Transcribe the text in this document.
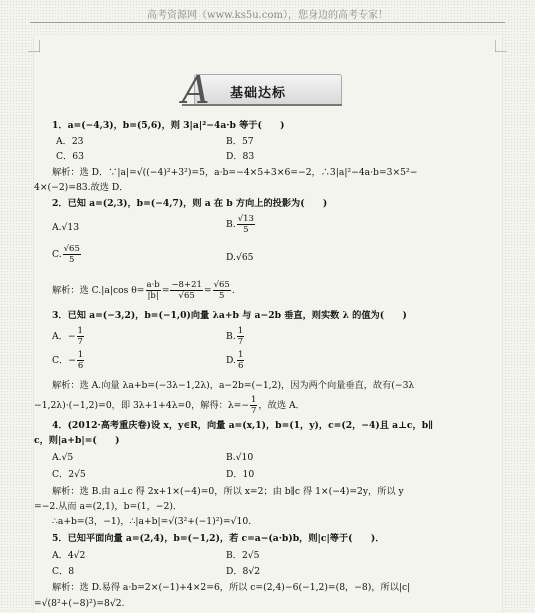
高考资源网（www.ks5u.com），您身边的高考专家！
A 基础达标
1．a=(−4,3)，b=(5,6)，则 3|a|²−4a·b 等于(　　)
A．23	B．57
C．63	D．83
解析：选 D．∵|a|=√((−4)²+3²)=5，a·b=−4×5+3×6=−2，∴3|a|²−4a·b=3×5²−
4×(−2)=83.故选 D．
2．已知 a=(2,3)，b=(−4,7)，则 a 在 b 方向上的投影为(　　)
A.√13	B. $\frac{√13}{5}$
C. $\frac{√65}{5}$	D.√65
解析：选 C.|a|cos $\theta= \frac{a\cdot b}{|b|} = \frac{-8+21}{√65} = \frac{√65}{5}$ .
3．已知 a=(−3,2)，b=(−1,0)向量 λa+b 与 a−2b 垂直，则实数 λ 的值为(　　)
A．− $\frac{1}{7}$	B. $\frac{1}{7}$
C．− $\frac{1}{6}$	D. $\frac{1}{6}$
解析：选 A.向量 λa+b=(−3λ−1,2λ)，a−2b=(−1,2)，因为两个向量垂直，故有(−3λ
−1,2λ)·(−1,2)=0，即 3λ+1+4λ=0，解得：$\lambda=- \frac{1}{7}$ ，故选 A．
4．(2012·高考重庆卷)设 x，y∈R，向量 a=(x,1)，b=(1，y)，c=(2，−4)且 a⊥c，b∥
c，则|a+b|=(　　)
A.√5	B.√10
C．2√5	D．10
解析：选 B.由 a⊥c 得 2x+1×(−4)=0，所以 x=2；由 b∥c 得 1×(−4)=2y，所以 y
=−2.从而 a=(2,1)，b=(1，−2)．
∴a+b=(3，−1)，∴|a+b|=√(3²+(−1)²)=√10.
5．已知平面向量 a=(2,4)，b=(−1,2)，若 c=a−(a·b)b，则|c|等于(　　)．
A．4√2	B．2√5
C．8	D．8√2
解析：选 D.易得 a·b=2×(−1)+4×2=6，所以 c=(2,4)−6(−1,2)=(8，−8)，所以|c|
=√(8²+(−8)²)=8√2.
